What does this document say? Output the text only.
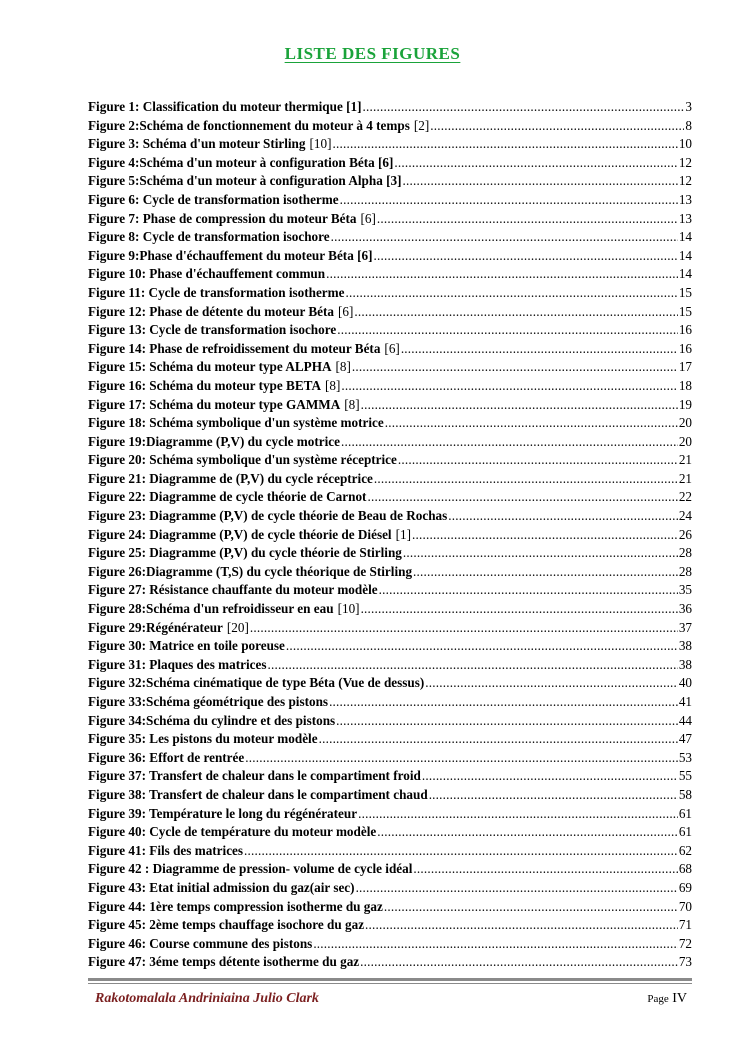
LISTE DES FIGURES
Figure 1: Classification du moteur thermique [1] .....	3
Figure 2:Schéma de fonctionnement du moteur à 4 temps [2] .....	8
Figure 3: Schéma d'un moteur Stirling [10] .....	10
Figure 4:Schéma d'un moteur à configuration Béta [6] .....	12
Figure 5:Schéma d'un moteur à configuration Alpha [3] .....	12
Figure 6: Cycle de transformation isotherme .....	13
Figure 7: Phase de compression du moteur Béta [6] .....	13
Figure 8: Cycle de transformation isochore .....	14
Figure 9:Phase d'échauffement du moteur Béta [6] .....	14
Figure 10: Phase d'échauffement commun .....	14
Figure 11: Cycle de transformation isotherme .....	15
Figure 12: Phase de détente du moteur Béta [6] .....	15
Figure 13: Cycle de transformation isochore .....	16
Figure 14: Phase de refroidissement du moteur Béta [6] .....	16
Figure 15: Schéma du moteur type ALPHA [8] .....	17
Figure 16: Schéma du moteur type BETA [8] .....	18
Figure 17: Schéma du moteur type GAMMA [8] .....	19
Figure 18: Schéma symbolique d'un système motrice .....	20
Figure 19:Diagramme (P,V) du cycle motrice .....	20
Figure 20: Schéma symbolique d'un système réceptrice .....	21
Figure 21: Diagramme de (P,V) du cycle réceptrice .....	21
Figure 22: Diagramme de cycle théorie de Carnot .....	22
Figure 23: Diagramme (P,V) de cycle théorie de Beau de Rochas .....	24
Figure 24: Diagramme (P,V) de cycle théorie de Diésel [1] .....	26
Figure 25: Diagramme (P,V) du cycle théorie de Stirling .....	28
Figure 26:Diagramme (T,S) du cycle théorique de Stirling .....	28
Figure 27: Résistance chauffante du moteur modèle .....	35
Figure 28:Schéma d'un refroidisseur en eau [10] .....	36
Figure 29:Régénérateur [20] .....	37
Figure 30: Matrice en toile poreuse .....	38
Figure 31: Plaques des matrices .....	38
Figure 32:Schéma cinématique de type Béta (Vue de dessus) .....	40
Figure 33:Schéma géométrique des pistons .....	41
Figure 34:Schéma du cylindre et des pistons .....	44
Figure 35: Les pistons du moteur modèle .....	47
Figure 36: Effort de rentrée .....	53
Figure 37: Transfert de chaleur dans le compartiment froid .....	55
Figure 38: Transfert de chaleur dans le compartiment chaud .....	58
Figure 39: Température le long du régénérateur .....	61
Figure 40: Cycle de température du moteur modèle .....	61
Figure 41: Fils des matrices .....	62
Figure 42 : Diagramme de pression- volume de cycle idéal .....	68
Figure 43: Etat initial admission du gaz(air sec) .....	69
Figure 44: 1ère temps compression isotherme du gaz .....	70
Figure 45: 2ème temps chauffage isochore du gaz .....	71
Figure 46: Course commune des pistons .....	72
Figure 47: 3éme temps détente isotherme du gaz .....	73
Rakotomalala Andriniaina Julio Clark	Page IV
